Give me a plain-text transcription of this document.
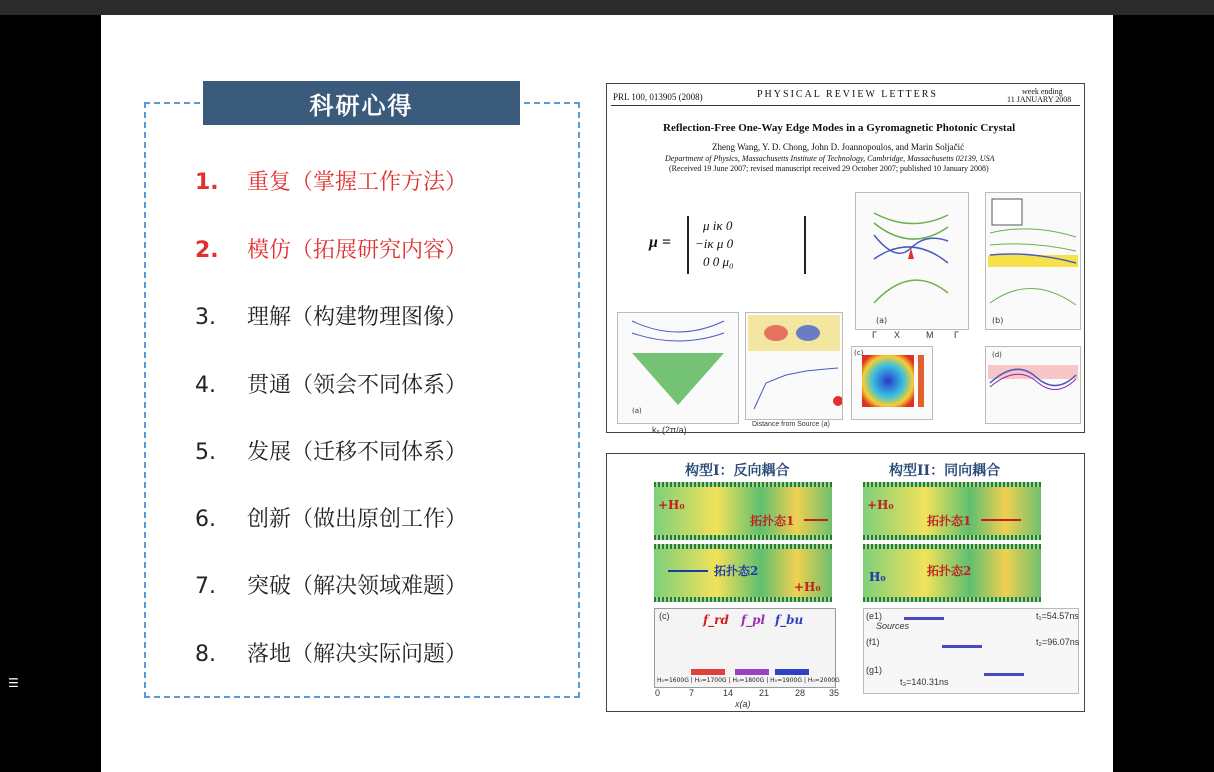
☰
科研心得
1. 重复（掌握工作方法）
2. 模仿（拓展研究内容）
3. 理解（构建物理图像）
4. 贯通（领会不同体系）
5. 发展（迁移不同体系）
6. 创新（做出原创工作）
7. 突破（解决领域难题）
8. 落地（解决实际问题）
PRL 100, 013905 (2008)	PHYSICAL REVIEW LETTERS	week ending
11 JANUARY 2008
Reflection-Free One-Way Edge Modes in a Gyromagnetic Photonic Crystal
Zheng Wang, Y. D. Chong, John D. Joannopoulos, and Marin Soljačić
Department of Physics, Massachusetts Institute of Technology, Cambridge, Massachusetts 02139, USA
(Received 19 June 2007; revised manuscript received 29 October 2007; published 10 January 2008)
μ =
μ iκ 0
−iκ μ 0
0 0 μ₀
(a)
Γ X	M Γ
(b)
(a)
kₓ (2π/a)
Distance from Source (a)
(c)	(d)
构型I：反向耦合	构型II：同向耦合
+H₀
拓扑态1
拓扑态2
+H₀
+H₀
拓扑态1
H₀	拓扑态2
(c)	f_rd f_pl f_bu
H₀=1600G | H₀=1700G | H₀=1800G | H₀=1900G | H₀=2000G
0	7	14	21	28	35
x(a)
(e1)	t₁=54.57ns
Sources
(f1)	t₂=96.07ns
(g1)
t₃=140.31ns
